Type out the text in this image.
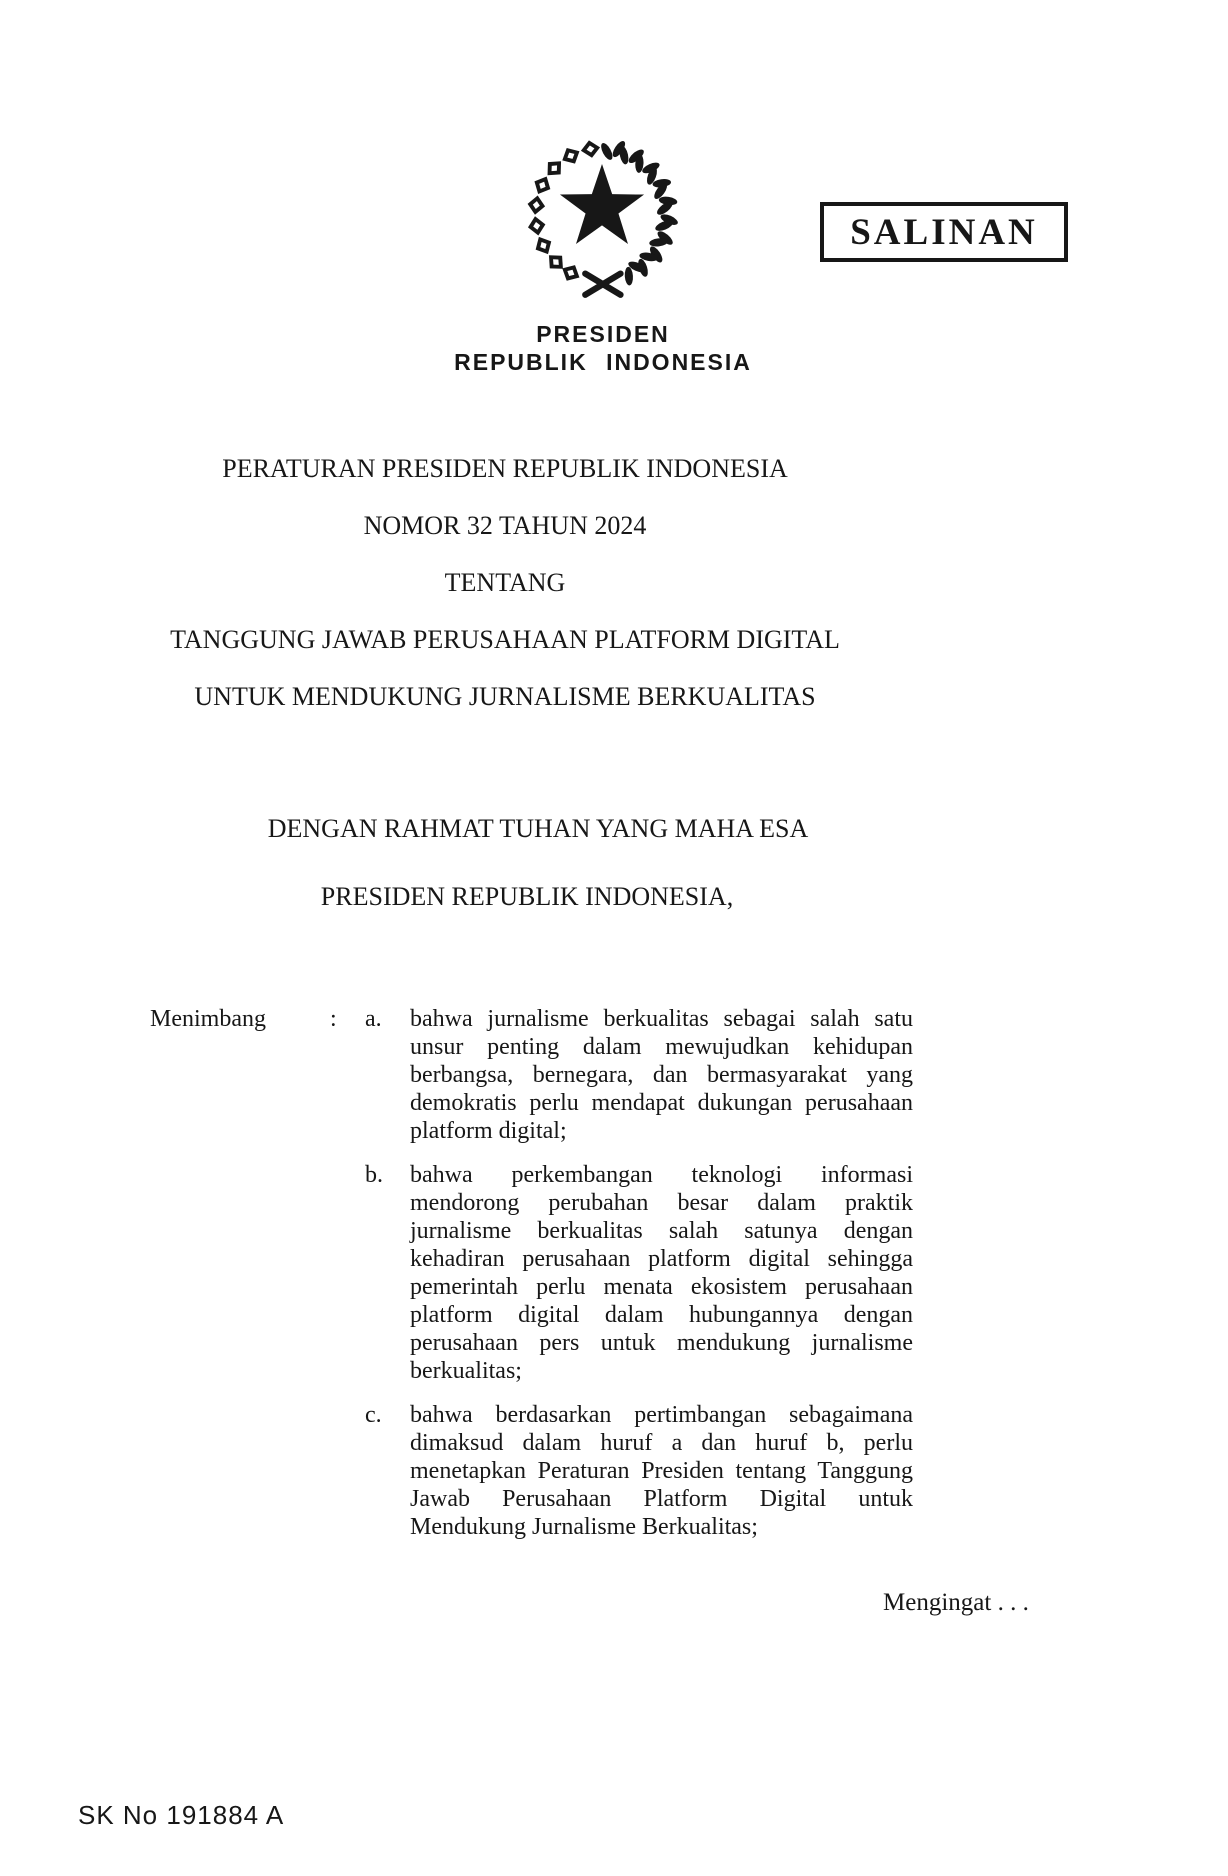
PRESIDEN
REPUBLIK INDONESIA
SALINAN

PERATURAN PRESIDEN REPUBLIK INDONESIA

NOMOR 32 TAHUN 2024

TENTANG

TANGGUNG JAWAB PERUSAHAAN PLATFORM DIGITAL

UNTUK MENDUKUNG JURNALISME BERKUALITAS

DENGAN RAHMAT TUHAN YANG MAHA ESA
PRESIDEN REPUBLIK INDONESIA,
Menimbang	:	a.	bahwa jurnalisme berkualitas sebagai salah satu unsur penting dalam mewujudkan kehidupan berbangsa, bernegara, dan bermasyarakat yang demokratis perlu mendapat dukungan perusahaan platform digital;
b.	bahwa perkembangan teknologi informasi mendorong perubahan besar dalam praktik jurnalisme berkualitas salah satunya dengan kehadiran perusahaan platform digital sehingga pemerintah perlu menata ekosistem perusahaan platform digital dalam hubungannya dengan perusahaan pers untuk mendukung jurnalisme berkualitas;
c.	bahwa berdasarkan pertimbangan sebagaimana dimaksud dalam huruf a dan huruf b, perlu menetapkan Peraturan Presiden tentang Tanggung Jawab Perusahaan Platform Digital untuk Mendukung Jurnalisme Berkualitas;
Mengingat . . .
SK No 191884 A
